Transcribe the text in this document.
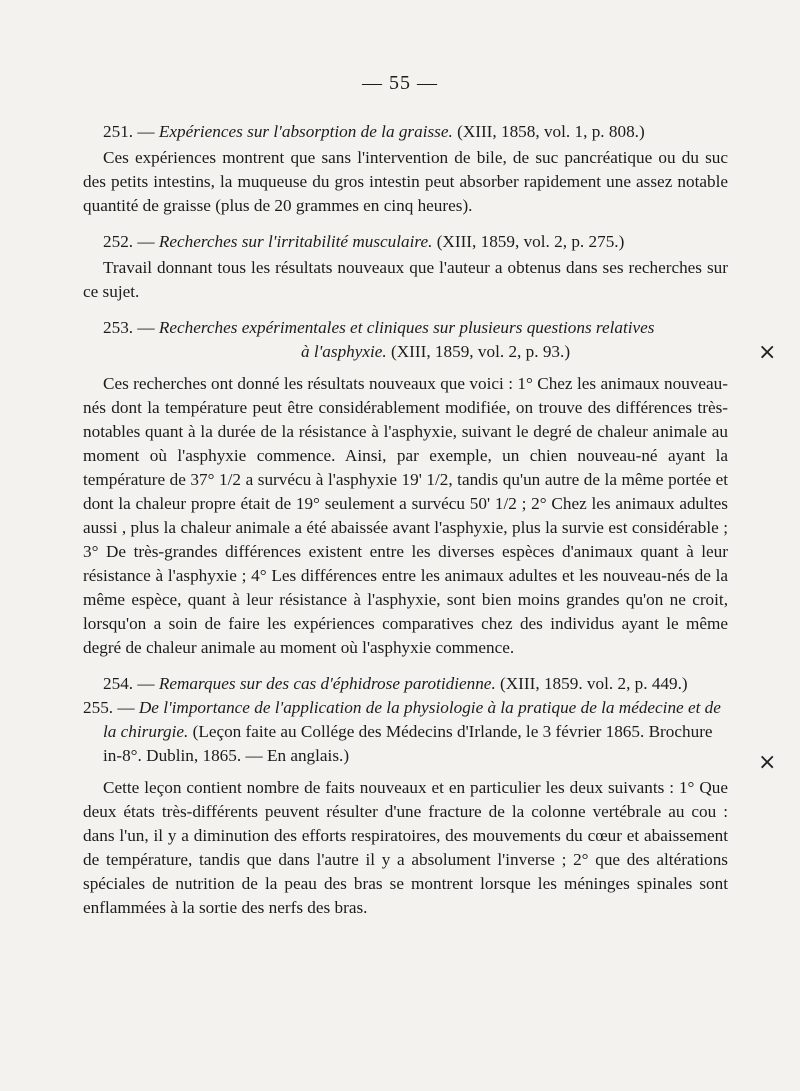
— 55 —

251. — Expériences sur l'absorption de la graisse. (XIII, 1858, vol. 1, p. 808.)

Ces expériences montrent que sans l'intervention de bile, de suc pancréatique ou du suc des petits intestins, la muqueuse du gros intestin peut absorber rapidement une assez notable quantité de graisse (plus de 20 grammes en cinq heures).

252. — Recherches sur l'irritabilité musculaire. (XIII, 1859, vol. 2, p. 275.)

Travail donnant tous les résultats nouveaux que l'auteur a obtenus dans ses recherches sur ce sujet.

253. — Recherches expérimentales et cliniques sur plusieurs questions relatives

à l'asphyxie. (XIII, 1859, vol. 2, p. 93.)

Ces recherches ont donné les résultats nouveaux que voici : 1° Chez les animaux nouveau-nés dont la température peut être considérablement modifiée, on trouve des différences très-notables quant à la durée de la résistance à l'asphyxie, suivant le degré de chaleur animale au moment où l'asphyxie commence. Ainsi, par exemple, un chien nouveau-né ayant la température de 37° 1/2 a survécu à l'asphyxie 19' 1/2, tandis qu'un autre de la même portée et dont la chaleur propre était de 19° seulement a survécu 50' 1/2 ; 2° Chez les animaux adultes aussi , plus la chaleur animale a été abaissée avant l'asphyxie, plus la survie est considérable ; 3° De très-grandes différences existent entre les diverses espèces d'animaux quant à leur résistance à l'asphyxie ; 4° Les différences entre les animaux adultes et les nouveau-nés de la même espèce, quant à leur résistance à l'asphyxie, sont bien moins grandes qu'on ne croit, lorsqu'on a soin de faire les expériences comparatives chez des individus ayant le même degré de chaleur animale au moment où l'asphyxie commence.

254. — Remarques sur des cas d'éphidrose parotidienne. (XIII, 1859. vol. 2, p. 449.)

255. — De l'importance de l'application de la physiologie à la pratique de la médecine et de la chirurgie. (Leçon faite au Collége des Médecins d'Irlande, le 3 février 1865. Brochure in-8°. Dublin, 1865. — En anglais.)

Cette leçon contient nombre de faits nouveaux et en particulier les deux suivants : 1° Que deux états très-différents peuvent résulter d'une fracture de la colonne vertébrale au cou : dans l'un, il y a diminution des efforts respiratoires, des mouvements du cœur et abaissement de température, tandis que dans l'autre il y a absolument l'inverse ; 2° que des altérations spéciales de nutrition de la peau des bras se montrent lorsque les méninges spinales sont enflammées à la sortie des nerfs des bras.

×
×
